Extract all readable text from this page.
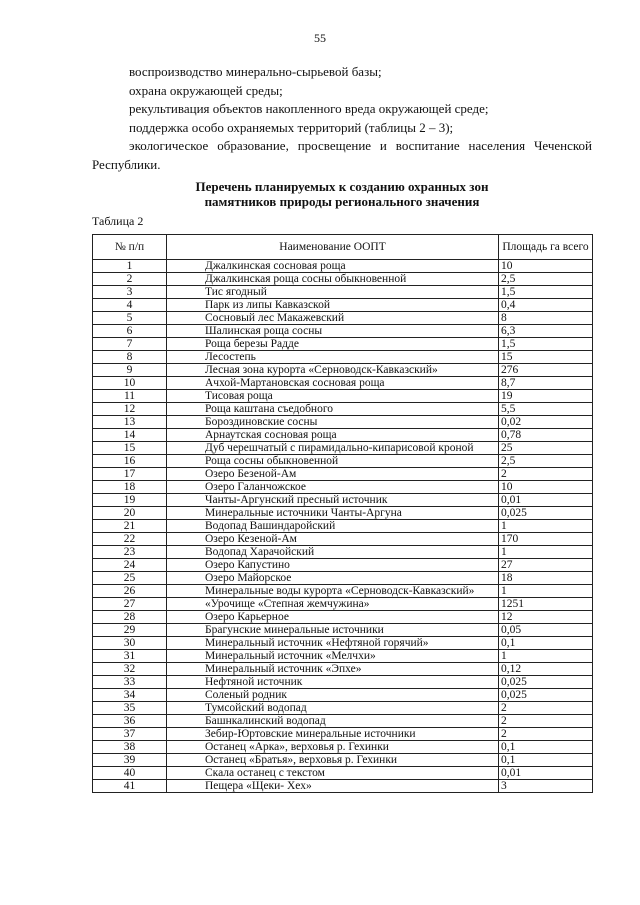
55

воспроизводство минерально-сырьевой базы;

охрана окружающей среды;

рекультивация объектов накопленного вреда окружающей среде;

поддержка особо охраняемых территорий (таблицы 2 – 3);

экологическое образование, просвещение и воспитание населения Чеченской Республики.

Перечень планируемых к созданию охранных зон
памятников природы регионального значения
Таблица 2
№ п/п	Наименование ООПТ	Площадь га всего
1	Джалкинская сосновая роща	10
2	Джалкинская роща сосны обыкновенной	2,5
3	Тис ягодный	1,5
4	Парк из липы Кавказской	0,4
5	Сосновый лес Макажевский	8
6	Шалинская роща сосны	6,3
7	Роща березы Радде	1,5
8	Лесостепь	15
9	Лесная зона курорта «Серноводск-Кавказский»	276
10	Ачхой-Мартановская сосновая роща	8,7
11	Тисовая роща	19
12	Роща каштана съедобного	5,5
13	Бороздиновские сосны	0,02
14	Арнаутская сосновая роща	0,78
15	Дуб черешчатый с пирамидально-кипарисовой кроной	25
16	Роща сосны обыкновенной	2,5
17	Озеро Безеной-Ам	2
18	Озеро Галанчожское	10
19	Чанты-Аргунский пресный источник	0,01
20	Минеральные источники Чанты-Аргуна	0,025
21	Водопад Вашиндаройский	1
22	Озеро Кезеной-Ам	170
23	Водопад Харачойский	1
24	Озеро Капустино	27
25	Озеро Майорское	18
26	Минеральные воды курорта «Серноводск-Кавказский»	1
27	«Урочище «Степная жемчужина»	1251
28	Озеро Карьерное	12
29	Брагунские минеральные источники	0,05
30	Минеральный источник «Нефтяной горячий»	0,1
31	Минеральный источник «Мелчхи»	1
32	Минеральный источник «Эпхе»	0,12
33	Нефтяной источник	0,025
34	Соленый родник	0,025
35	Тумсойский водопад	2
36	Башнкалинский водопад	2
37	Зебир-Юртовские минеральные источники	2
38	Останец «Арка», верховья р. Гехинки	0,1
39	Останец «Братья», верховья р. Гехинки	0,1
40	Скала останец с текстом	0,01
41	Пещера «Щеки- Хех»	3
